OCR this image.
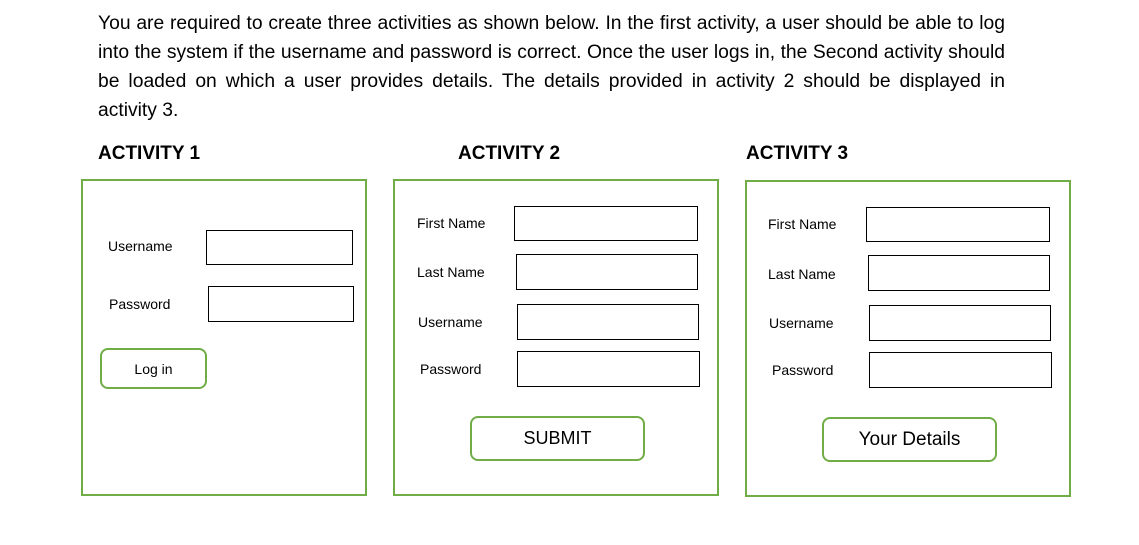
You are required to create three activities as shown below. In the first activity, a user should be able to log into the system if the username and password is correct. Once the user logs in, the Second activity should be loaded on which a user provides details. The details provided in activity 2 should be displayed in activity 3.

ACTIVITY 1	ACTIVITY 2	ACTIVITY 3
Username
Password
Log in
First Name
Last Name
Username
Password
SUBMIT
First Name
Last Name
Username
Password
Your Details
